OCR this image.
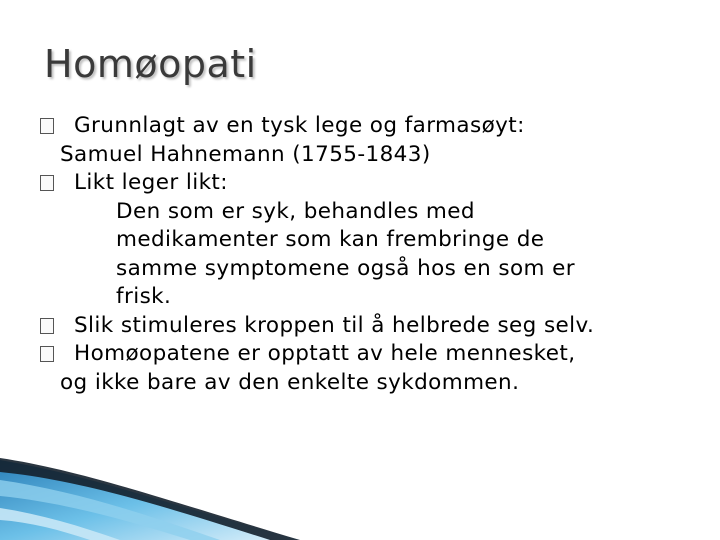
Homøopati
Grunnlagt av en tysk lege og farmasøyt:
Samuel Hahnemann (1755-1843)
Likt leger likt:
Den som er syk, behandles med
medikamenter som kan frembringe de
samme symptomene også hos en som er
frisk.
Slik stimuleres kroppen til å helbrede seg selv.
Homøopatene er opptatt av hele mennesket,
og ikke bare av den enkelte sykdommen.
